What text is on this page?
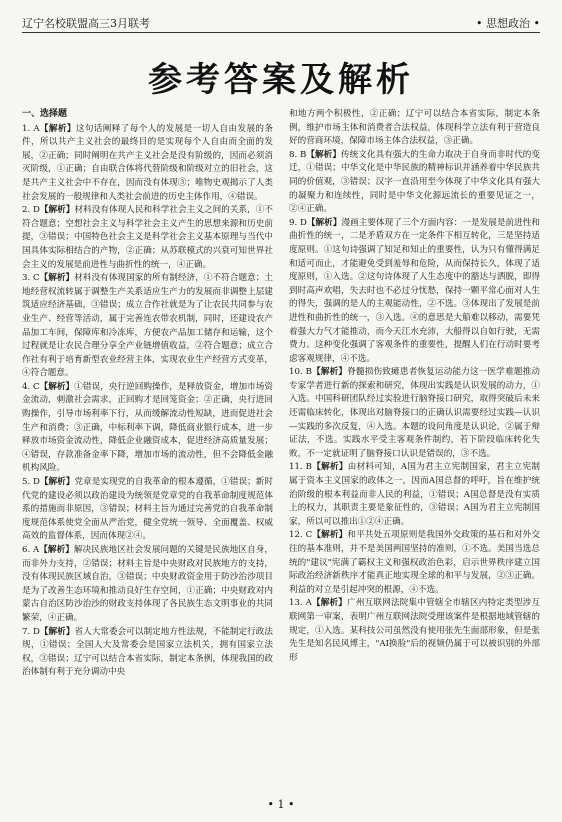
辽宁名校联盟高三3月联考	• 思想政治 •
参考答案及解析
一、选择题

1. A【解析】这句话阐释了每个人的发展是一切人自由发展的条件，所以共产主义社会的最终目的是实现每个人自由而全面的发展，②正确；同时阐明在共产主义社会是没有阶级的，因而必须消灭阶级，①正确；自由联合体将代替阶级和阶级对立的旧社会，这是共产主义社会中不存在，因而没有体现③；唯物史观揭示了人类社会发展的一般规律和人类社会前进的历史主体作用，④错误。

2. D【解析】材料没有体现人民和科学社会主义之间的关系，①不符合题意；空想社会主义与科学社会主义产生的思想来源和历史前提，③错误；中国特色社会主义是科学社会主义基本原理与当代中国具体实际相结合的产物，②正确；从苏联模式的兴衰可知世界社会主义的发展是前进性与曲折性的统一，④正确。

3. C【解析】材料没有体现国家的所有制经济，①不符合题意；土地经营权流转属于调整生产关系适应生产力的发展而非调整上层建筑适应经济基础，③错误；成立合作社就是为了让农民共同参与农业生产、经营等活动，属于完善连农带农机制，同时，还建设农产品加工车间，保障库和冷冻库，方便农产品加工储存和运输，这个过程就是让农民合理分享全产业链增值收益，②符合题意；成立合作社有利于培育新型农业经营主体，实现农业生产经营方式变革，④符合题意。

4. C【解析】①错误，央行逆回购操作，是释放资金，增加市场资金流动，刺激社会需求，正回购才是回笼资金；②正确，央行进回购操作，引导市场利率下行，从而缓解流动性短缺，进而促进社会生产和消费；③正确，中标利率下调，降低商业银行成本，进一步释放市场资金流动性，降低企业融资成本，促进经济高质量发展；④错误，存款准备金率下降，增加市场的流动性，但不会降低金融机构风险。

5. D【解析】党章是实现党的自我革命的根本遵循，①错误；新时代党的建设必须以政治建设为统领是党章党的自我革命制度规范体系的措施而非原因，③错误；材料主旨为通过完善党的自我革命制度规范体系使党全面从严治党，健全党统一领导、全面覆盖、权威高效的监督体系，因而体现②④。

6. A【解析】解决民族地区社会发展问题的关键是民族地区自身，而非外力支持，②错误；材料主旨是中央财政对民族地方的支持，没有体现民族区域自治，③错误；中央财政资金用于防沙治沙项目是为了改善生态环境和推动良好生存空间，①正确；中央财政对内蒙古自治区防沙治沙的财政支持体现了各民族生态文明事业的共同繁荣，④正确。

7. D【解析】省人大常委会可以制定地方性法规，不能制定行政法规，①错误；全国人大及常委会是国家立法机关，拥有国家立法权，③错误；辽宁可以结合本省实际，制定本条例，体现我国的政治体制有利于充分调动中央

和地方两个积极性，②正确；辽宁可以结合本省实际，制定本条例，维护市场主体和消费者合法权益，体现科学立法有利于营造良好的营商环境，保障市场主体合法权益，③正确。

8. B【解析】传统文化具有强大的生命力取决于自身而非时代的变迁，①错误；中华文化是中华民族的精神标识并涵养着中华民族共同的价值观，③错误；汉字一直沿用至今体现了中华文化具有强大的凝聚力和连续性，同时是中华文化源远流长的重要见证之一，②④正确。

9. D【解析】漫画主要体现了三个方面内容：一是发展是前进性和曲折性的统一，二是矛盾双方在一定条件下相互转化，三是坚持适度原则。①这句诗强调了知足和知止的重要性，认为只有懂得满足和适可而止，才能避免受到羞辱和危险，从而保持长久，体现了适度原则，①入选。②这句诗体现了人生态度中的豁达与洒脱，即得到时高声欢唱，失去时也不必过分忧愁，保持一颗平常心面对人生的得失，强调的是人的主观能动性，②不选。③体现出了发展是前进性和曲折性的统一，③入选。④的意思是大船难以移动，需要凭着强大力气才能推动，而今天江水充沛，大船得以自如行驶，无需费力。这种变化强调了客观条件的重要性，提醒人们在行动时要考虑客观规律，④不选。

10. B【解析】脊髓损伤致瘫患者恢复运动能力这一医学难题推动专家学者进行新的探索和研究，体现出实践是认识发展的动力，①入选。中国科研团队经过实验进行脑脊接口研究，取得突破后未来还需临床转化，体现出对脑脊接口的正确认识需要经过实践—认识—实践的多次反复，④入选。本题的设问角度是认识论，②属于辩证法，不选。实践水平受主客观条件制约，若下阶段临床转化失败，不一定就证明了脑脊接口认识是错误的，③不选。

11. B【解析】由材料可知，A国为君主立宪制国家，君主立宪制属于资本主义国家的政体之一，因而A国总督的呼吁，旨在维护统治阶级的根本利益而非人民的利益，①错误；A国总督是没有实质上的权力，其职责主要是象征性的，③错误；A国为君主立宪制国家，所以可以推出①②④正确。

12. C【解析】和平共处五项原则是我国外交政策的基石和对外交往的基本准则，并不是美国两国坚持的准则，①不选。美国当选总统的"建议"宪满了霸权主义和强权政治色彩，启示世界秩序建立国际政治经济新秩序才能真正地实现全球的和平与发展，②③正确。利益的对立是引起冲突的根源，④不选。

13. A【解析】广州互联网法院集中管辖全市辖区内特定类型涉互联网第一审案，表明广州互联网法院受理该案件是根据地域管辖的规定，①入选。某科技公司虽然没有使用张先生面部形象，但是张先生是知名民风博主，"AI换脸"后的视频仍属于可以被识别的外部形

• 1 •
